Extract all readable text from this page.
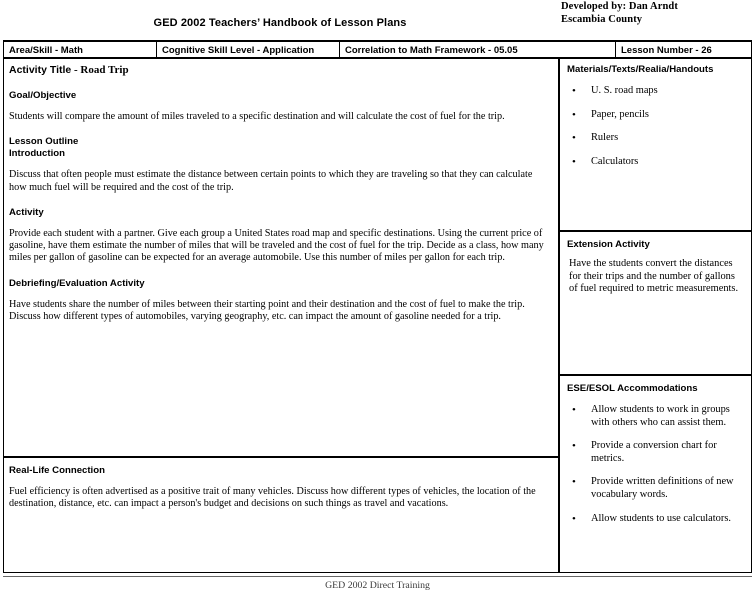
Developed by: Dan Arndt
Escambia County
GED 2002 Teachers’ Handbook of Lesson Plans
Area/Skill - Math	Cognitive Skill Level - Application	Correlation to Math Framework - 05.05	Lesson Number - 26
Activity Title - Road Trip
Goal/Objective

Students will compare the amount of miles traveled to a specific destination and will calculate the cost of fuel for the trip.

Lesson Outline
Introduction

Discuss that often people must estimate the distance between certain points to which they are traveling so that they can calculate how much fuel will be required and the cost of the trip.

Activity

Provide each student with a partner. Give each group a United States road map and specific destinations. Using the current price of gasoline, have them estimate the number of miles that will be traveled and the cost of fuel for the trip. Decide as a class, how many miles per gallon of gasoline can be expected for an average automobile. Use this number of miles per gallon for each trip.

Debriefing/Evaluation Activity

Have students share the number of miles between their starting point and their destination and the cost of fuel to make the trip. Discuss how different types of automobiles, varying geography, etc. can impact the amount of gasoline needed for a trip.

Real-Life Connection

Fuel efficiency is often advertised as a positive trait of many vehicles. Discuss how different types of vehicles, the location of the destination, distance, etc. can impact a person's budget and decisions on such things as travel and vacations.

Materials/Texts/Realia/Handouts
• U. S. road maps
• Paper, pencils
• Rulers
• Calculators
Extension Activity

Have the students convert the distances for their trips and the number of gallons of fuel required to metric measurements.

ESE/ESOL Accommodations
• Allow students to work in groups with others who can assist them.
• Provide a conversion chart for metrics.
• Provide written definitions of new vocabulary words.
• Allow students to use calculators.
GED 2002 Direct Training
